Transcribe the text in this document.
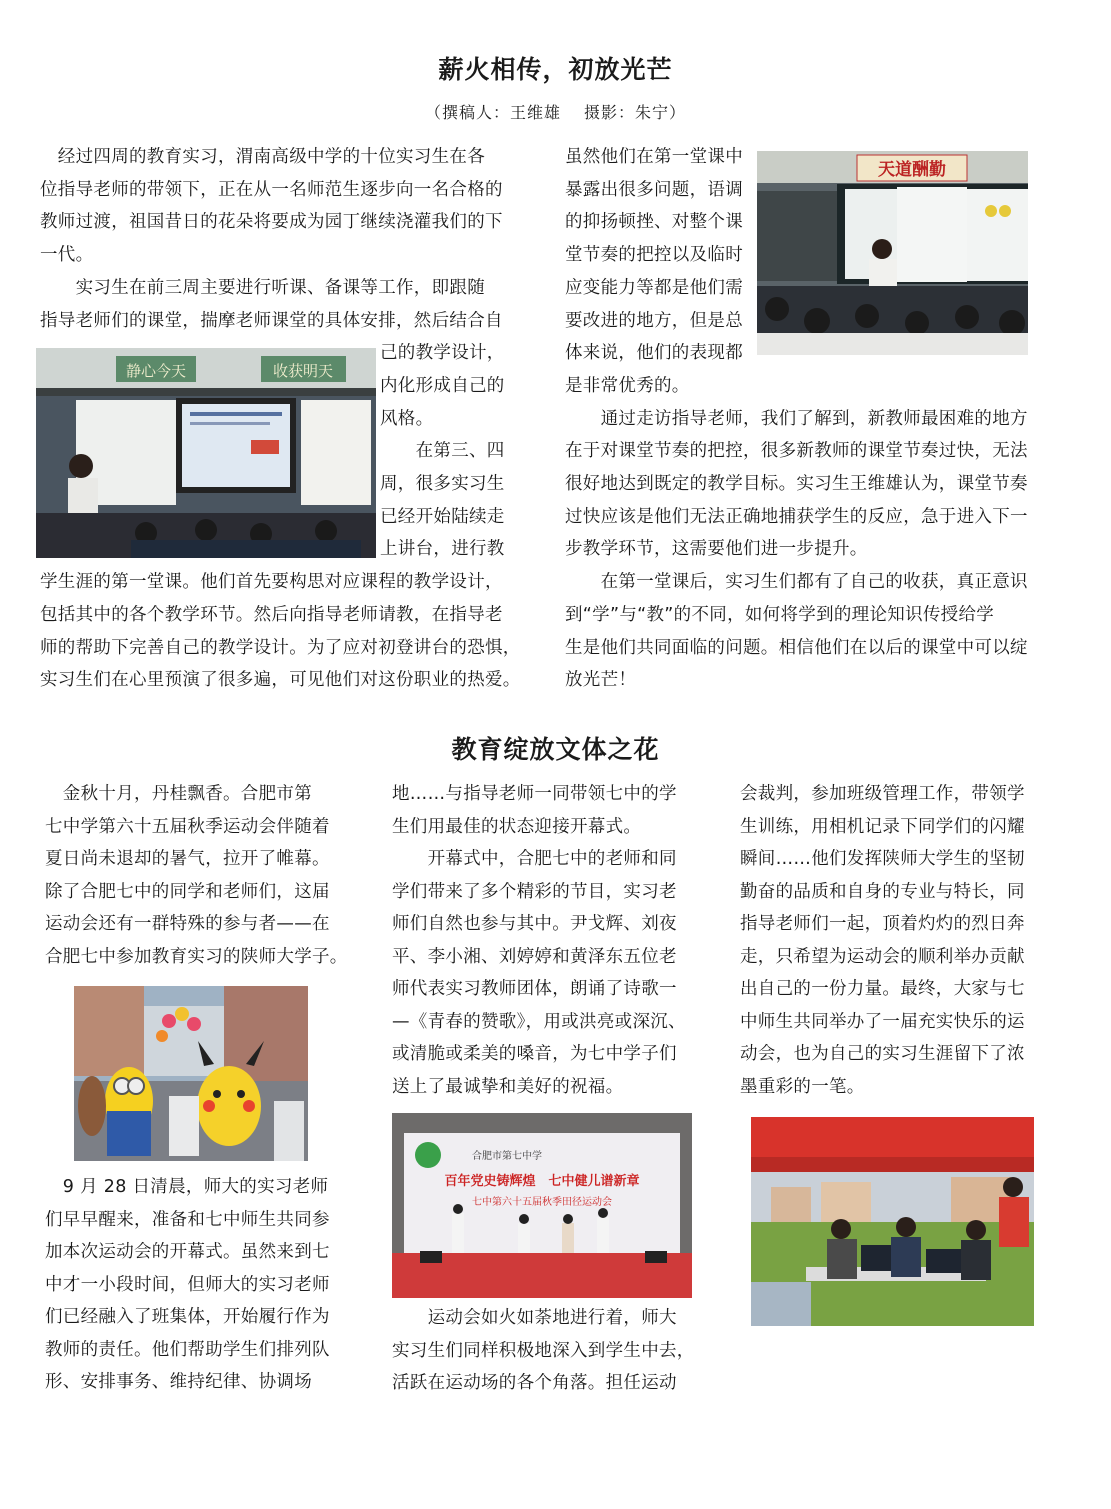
薪火相传，初放光芒
（撰稿人：王维雄　 摄影：朱宁）
　经过四周的教育实习，渭南高级中学的十位实习生在各
位指导老师的带领下，正在从一名师范生逐步向一名合格的
教师过渡，祖国昔日的花朵将要成为园丁继续浇灌我们的下
一代。
　　实习生在前三周主要进行听课、备课等工作，即跟随
指导老师们的课堂，揣摩老师课堂的具体安排，然后结合自
己的教学设计，
内化形成自己的
风格。
　　在第三、四
周，很多实习生
已经开始陆续走
上讲台，进行教
学生涯的第一堂课。他们首先要构思对应课程的教学设计，
包括其中的各个教学环节。然后向指导老师请教，在指导老
师的帮助下完善自己的教学设计。为了应对初登讲台的恐惧，
实习生们在心里预演了很多遍，可见他们对这份职业的热爱。
虽然他们在第一堂课中
暴露出很多问题，语调
的抑扬顿挫、对整个课
堂节奏的把控以及临时
应变能力等都是他们需
要改进的地方，但是总
体来说，他们的表现都
是非常优秀的。
　　通过走访指导老师，我们了解到，新教师最困难的地方
在于对课堂节奏的把控，很多新教师的课堂节奏过快，无法
很好地达到既定的教学目标。实习生王维雄认为，课堂节奏
过快应该是他们无法正确地捕获学生的反应，急于进入下一
步教学环节，这需要他们进一步提升。
　　在第一堂课后，实习生们都有了自己的收获，真正意识
到“学”与“教”的不同，如何将学到的理论知识传授给学
生是他们共同面临的问题。相信他们在以后的课堂中可以绽
放光芒！
静心今天	收获明天
天道酬勤
教育绽放文体之花
　金秋十月，丹桂飘香。合肥市第
七中学第六十五届秋季运动会伴随着
夏日尚未退却的暑气，拉开了帷幕。
除了合肥七中的同学和老师们，这届
运动会还有一群特殊的参与者——在
合肥七中参加教育实习的陕师大学子。
　9 月 28 日清晨，师大的实习老师
们早早醒来，准备和七中师生共同参
加本次运动会的开幕式。虽然来到七
中才一小段时间，但师大的实习老师
们已经融入了班集体，开始履行作为
教师的责任。他们帮助学生们排列队
形、安排事务、维持纪律、协调场
地……与指导老师一同带领七中的学
生们用最佳的状态迎接开幕式。
　　开幕式中，合肥七中的老师和同
学们带来了多个精彩的节目，实习老
师们自然也参与其中。尹戈辉、刘夜
平、李小湘、刘婷婷和黄泽东五位老
师代表实习教师团体，朗诵了诗歌一
—《青春的赞歌》，用或洪亮或深沉、
或清脆或柔美的嗓音，为七中学子们
送上了最诚挚和美好的祝福。
　　运动会如火如荼地进行着，师大
实习生们同样积极地深入到学生中去，
活跃在运动场的各个角落。担任运动
会裁判，参加班级管理工作，带领学
生训练，用相机记录下同学们的闪耀
瞬间……他们发挥陕师大学生的坚韧
勤奋的品质和自身的专业与特长，同
指导老师们一起，顶着灼灼的烈日奔
走，只希望为运动会的顺利举办贡献
出自己的一份力量。最终，大家与七
中师生共同举办了一届充实快乐的运
动会，也为自己的实习生涯留下了浓
墨重彩的一笔。
合肥市第七中学
百年党史铸辉煌　七中健儿谱新章
七中第六十五届秋季田径运动会
